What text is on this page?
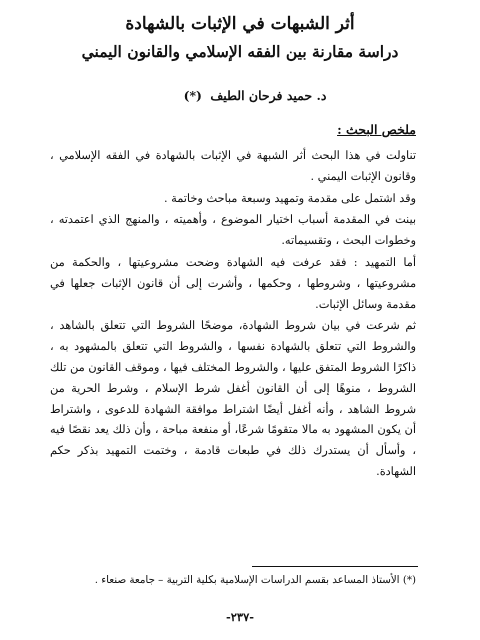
أثر الشبهات في الإثبات بالشهادة
دراسة مقارنة بين الفقه الإسلامي والقانون اليمني
د. حميد فرحان الطيف (*)
ملخص البحث :

تناولت في هذا البحث أثر الشبهة في الإثبات بالشهادة في الفقه الإسلامي ، وقانون الإثبات اليمني .

وقد اشتمل على مقدمة وتمهيد وسبعة مباحث وخاتمة .

بينت في المقدمة أسباب اختيار الموضوع ، وأهميته ، والمنهج الذي اعتمدته ، وخطوات البحث ، وتقسيماته.

أما التمهيد : فقد عرفت فيه الشهادة وضحت مشروعيتها ، والحكمة من مشروعيتها ، وشروطها ، وحكمها ، وأشرت إلى أن قانون الإثبات جعلها في مقدمة وسائل الإثبات.

ثم شرعت في بيان شروط الشهادة، موضحًا الشروط التي تتعلق بالشاهد ، والشروط التي تتعلق بالشهادة نفسها ، والشروط التي تتعلق بالمشهود به ، ذاكرًا الشروط المتفق عليها ، والشروط المختلف فيها ، وموقف القانون من تلك الشروط ، منوهًا إلى أن القانون أغفل شرط الإسلام ، وشرط الحرية من شروط الشاهد ، وأنه أغفل أيضًا اشتراط موافقة الشهادة للدعوى ، واشتراط أن يكون المشهود به مالا متقومًا شرعًا، أو منفعة مباحة ، وأن ذلك يعد نقصًا فيه ، وأسأل أن يستدرك ذلك في طبعات قادمة ، وختمت التمهيد بذكر حكم الشهادة.

(*) الأستاذ المساعد بقسم الدراسات الإسلامية بكلية التربية – جامعة صنعاء .
-٢٣٧-
